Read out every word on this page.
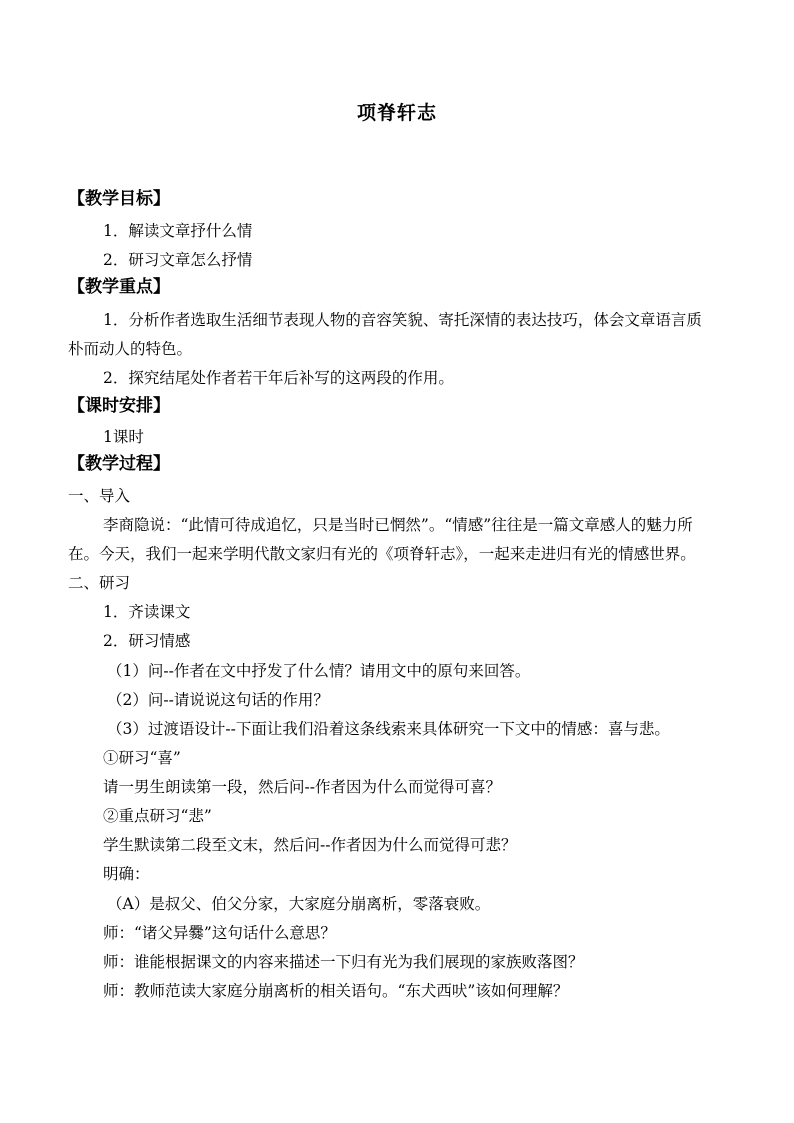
项脊轩志
【教学目标】
1．解读文章抒什么情
2．研习文章怎么抒情
【教学重点】
1．分析作者选取生活细节表现人物的音容笑貌、寄托深情的表达技巧，体会文章语言质
朴而动人的特色。
2．探究结尾处作者若干年后补写的这两段的作用。
【课时安排】
1课时
【教学过程】
一、导入
李商隐说：“此情可待成追忆，只是当时已惘然”。“情感”往往是一篇文章感人的魅力所
在。今天，我们一起来学明代散文家归有光的《项脊轩志》，一起来走进归有光的情感世界。
二、研习
1．齐读课文
2．研习情感
（1）问--作者在文中抒发了什么情？请用文中的原句来回答。
（2）问--请说说这句话的作用？
（3）过渡语设计--下面让我们沿着这条线索来具体研究一下文中的情感：喜与悲。
①研习“喜”
请一男生朗读第一段，然后问--作者因为什么而觉得可喜？
②重点研习“悲”
学生默读第二段至文末，然后问--作者因为什么而觉得可悲？
明确：
（A）是叔父、伯父分家，大家庭分崩离析，零落衰败。
师：“诸父异爨”这句话什么意思？
师：谁能根据课文的内容来描述一下归有光为我们展现的家族败落图？
师：教师范读大家庭分崩离析的相关语句。“东犬西吠”该如何理解？
